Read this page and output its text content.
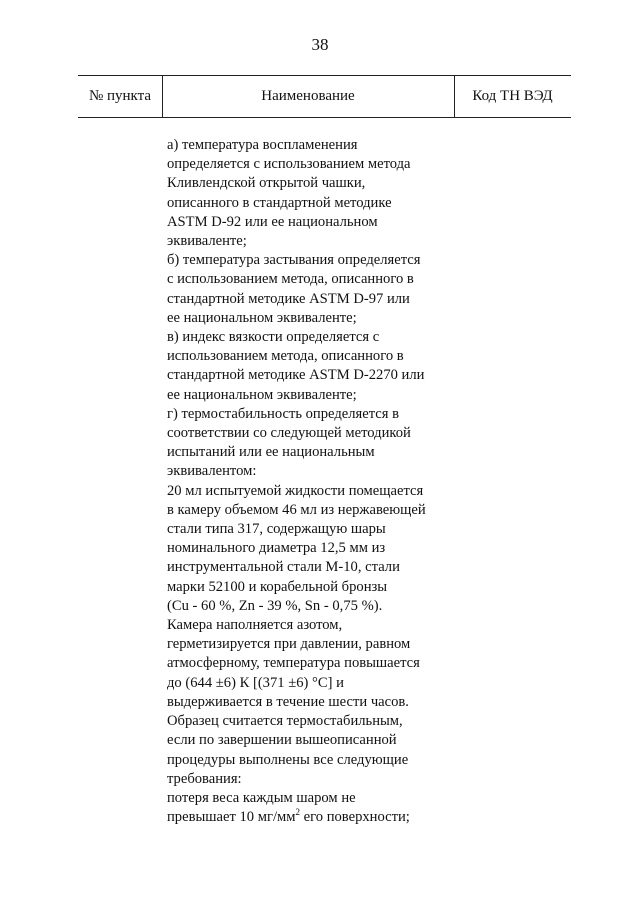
38
№ пункта	Наименование	Код ТН ВЭД
а) температура воспламенения
определяется с использованием метода
Кливлендской открытой чашки,
описанного в стандартной методике
ASTM D-92 или ее национальном
эквиваленте;
б) температура застывания определяется
с использованием метода, описанного в
стандартной методике ASTM D-97 или
ее национальном эквиваленте;
в) индекс вязкости определяется с
использованием метода, описанного в
стандартной методике ASTM D-2270 или
ее национальном эквиваленте;
г) термостабильность определяется в
соответствии со следующей методикой
испытаний или ее национальным
эквивалентом:
20 мл испытуемой жидкости помещается
в камеру объемом 46 мл из нержавеющей
стали типа 317, содержащую шары
номинального диаметра 12,5 мм из
инструментальной стали М-10, стали
марки 52100 и корабельной бронзы
(Cu - 60 %, Zn - 39 %, Sn - 0,75 %).
Камера наполняется азотом,
герметизируется при давлении, равном
атмосферному, температура повышается
до (644 ±6) К [(371 ±6) °С] и
выдерживается в течение шести часов.
Образец считается термостабильным,
если по завершении вышеописанной
процедуры выполнены все следующие
требования:
потеря веса каждым шаром не
превышает 10 $мг/мм^2$ его поверхности;
